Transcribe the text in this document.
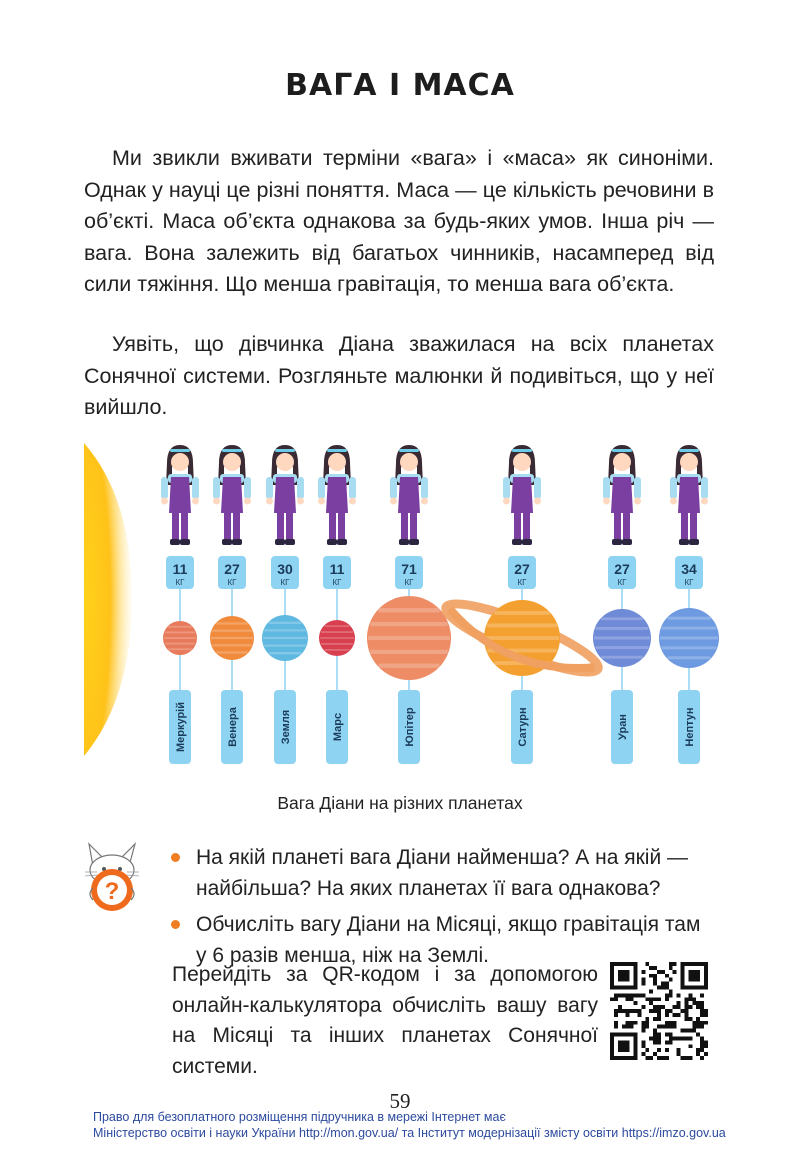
ВАГА І МАСА
Ми звикли вживати терміни «вага» і «маса» як синоніми. Однак у науці це різні поняття. Маса — це кількість речовини в об’єкті. Маса об’єкта однакова за будь-яких умов. Інша річ — вага. Вона залежить від багатьох чинників, насамперед від сили тяжіння. Що менша гравітація, то менша вага об’єкта.
Уявіть, що дівчинка Діана зважилася на всіх планетах Сонячної системи. Розгляньте малюнки й подивіться, що у неї вийшло.
11
КГ
Меркурій
27
КГ
Венера
30
КГ
Земля
11
КГ
Марс
71
КГ
Юпітер
27
КГ
Сатурн
27
КГ
Уран
34
КГ
Нептун
Вага Діани на різних планетах
?
На якій планеті вага Діани найменша? А на якій — найбільша? На яких планетах її вага однакова?
Обчисліть вагу Діани на Місяці, якщо гравітація там у 6 разів менша, ніж на Землі.
Перейдіть за QR-кодом і за допомогою онлайн-калькулятора обчисліть вашу вагу на Місяці та інших планетах Сонячної системи.
59
Право для безоплатного розміщення підручника в мережі Інтернет має
Міністерство освіти і науки України http://mon.gov.ua/ та Інститут модернізації змісту освіти https://imzo.gov.ua
